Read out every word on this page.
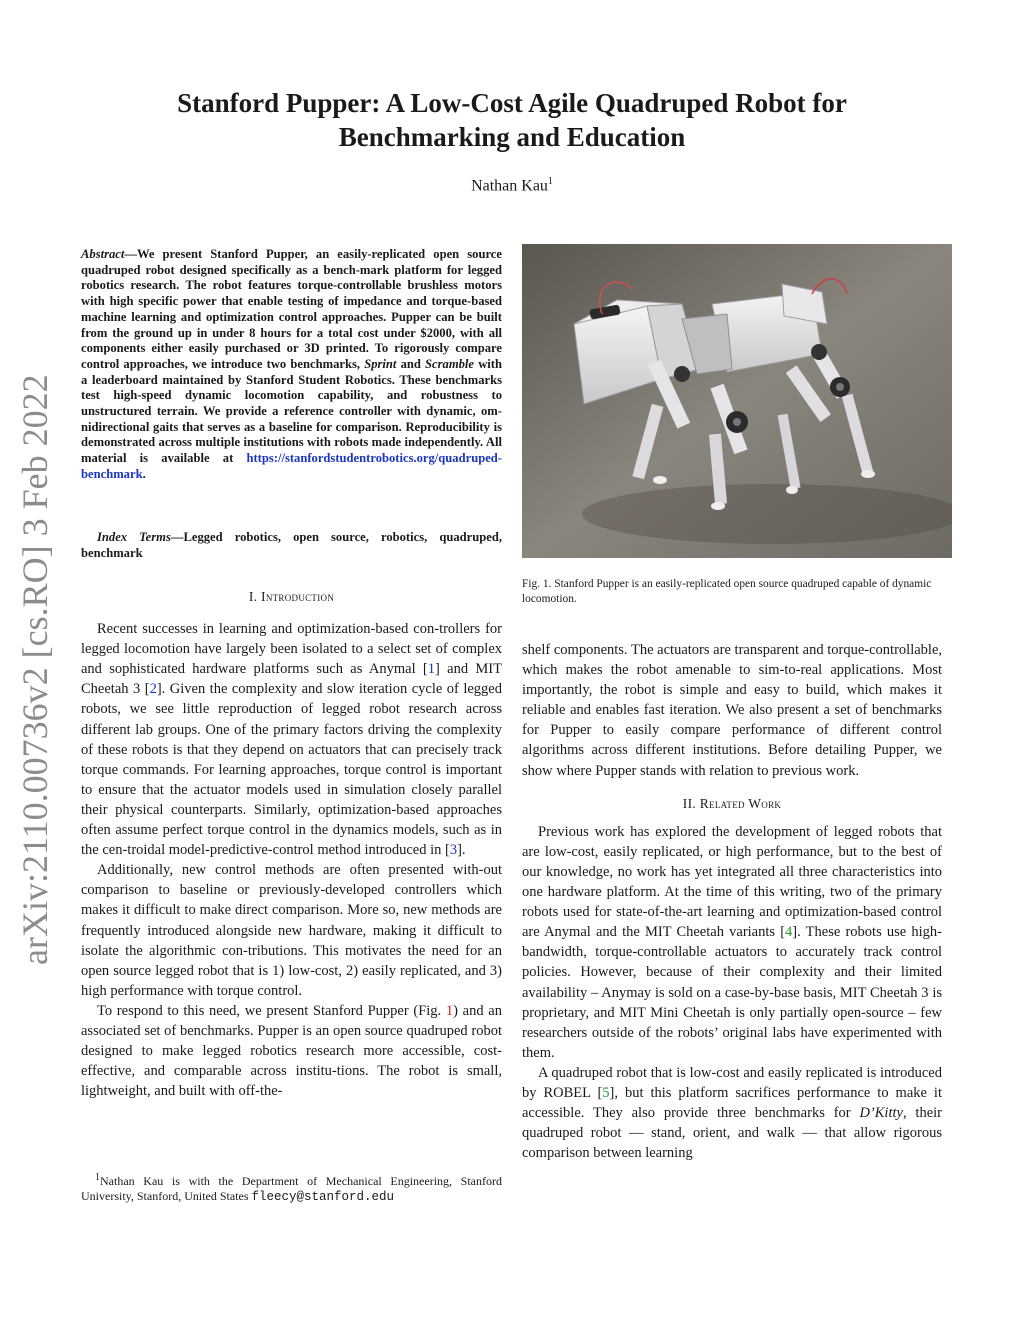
Stanford Pupper: A Low-Cost Agile Quadruped Robot for
Benchmarking and Education
Nathan Kau$^1$
arXiv:2110.00736v2 [cs.RO] 3 Feb 2022
Abstract—We present Stanford Pupper, an easily-replicated open source quadruped robot designed specifically as a bench-mark platform for legged robotics research. The robot features torque-controllable brushless motors with high specific power that enable testing of impedance and torque-based machine learning and optimization control approaches. Pupper can be built from the ground up in under 8 hours for a total cost under $2000, with all components either easily purchased or 3D printed. To rigorously compare control approaches, we introduce two benchmarks, Sprint and Scramble with a leaderboard maintained by Stanford Student Robotics. These benchmarks test high-speed dynamic locomotion capability, and robustness to unstructured terrain. We provide a reference controller with dynamic, om-nidirectional gaits that serves as a baseline for comparison. Reproducibility is demonstrated across multiple institutions with robots made independently. All material is available at https://stanfordstudentrobotics.org/quadruped-benchmark.
Index Terms—Legged robotics, open source, robotics, quadruped, benchmark
I. Introduction

Recent successes in learning and optimization-based con-trollers for legged locomotion have largely been isolated to a select set of complex and sophisticated hardware platforms such as Anymal [1] and MIT Cheetah 3 [2]. Given the complexity and slow iteration cycle of legged robots, we see little reproduction of legged robot research across different lab groups. One of the primary factors driving the complexity of these robots is that they depend on actuators that can precisely track torque commands. For learning approaches, torque control is important to ensure that the actuator models used in simulation closely parallel their physical counterparts. Similarly, optimization-based approaches often assume perfect torque control in the dynamics models, such as in the cen-troidal model-predictive-control method introduced in [3].

Additionally, new control methods are often presented with-out comparison to baseline or previously-developed controllers which makes it difficult to make direct comparison. More so, new methods are frequently introduced alongside new hardware, making it difficult to isolate the algorithmic con-tributions. This motivates the need for an open source legged robot that is 1) low-cost, 2) easily replicated, and 3) high performance with torque control.

To respond to this need, we present Stanford Pupper (Fig. 1) and an associated set of benchmarks. Pupper is an open source quadruped robot designed to make legged robotics research more accessible, cost-effective, and comparable across institu-tions. The robot is small, lightweight, and built with off-the-

$^1$Nathan Kau is with the Department of Mechanical Engineering, Stanford University, Stanford, United States fleecy@stanford.edu
Fig. 1. Stanford Pupper is an easily-replicated open source quadruped capable of dynamic locomotion.

shelf components. The actuators are transparent and torque-controllable, which makes the robot amenable to sim-to-real applications. Most importantly, the robot is simple and easy to build, which makes it reliable and enables fast iteration. We also present a set of benchmarks for Pupper to easily compare performance of different control algorithms across different institutions. Before detailing Pupper, we show where Pupper stands with relation to previous work.

II. Related Work

Previous work has explored the development of legged robots that are low-cost, easily replicated, or high performance, but to the best of our knowledge, no work has yet integrated all three characteristics into one hardware platform. At the time of this writing, two of the primary robots used for state-of-the-art learning and optimization-based control are Anymal and the MIT Cheetah variants [4]. These robots use high-bandwidth, torque-controllable actuators to accurately track control policies. However, because of their complexity and their limited availability – Anymay is sold on a case-by-base basis, MIT Cheetah 3 is proprietary, and MIT Mini Cheetah is only partially open-source – few researchers outside of the robots’ original labs have experimented with them.

A quadruped robot that is low-cost and easily replicated is introduced by ROBEL [5], but this platform sacrifices performance to make it accessible. They also provide three benchmarks for D’Kitty, their quadruped robot — stand, orient, and walk — that allow rigorous comparison between learning
